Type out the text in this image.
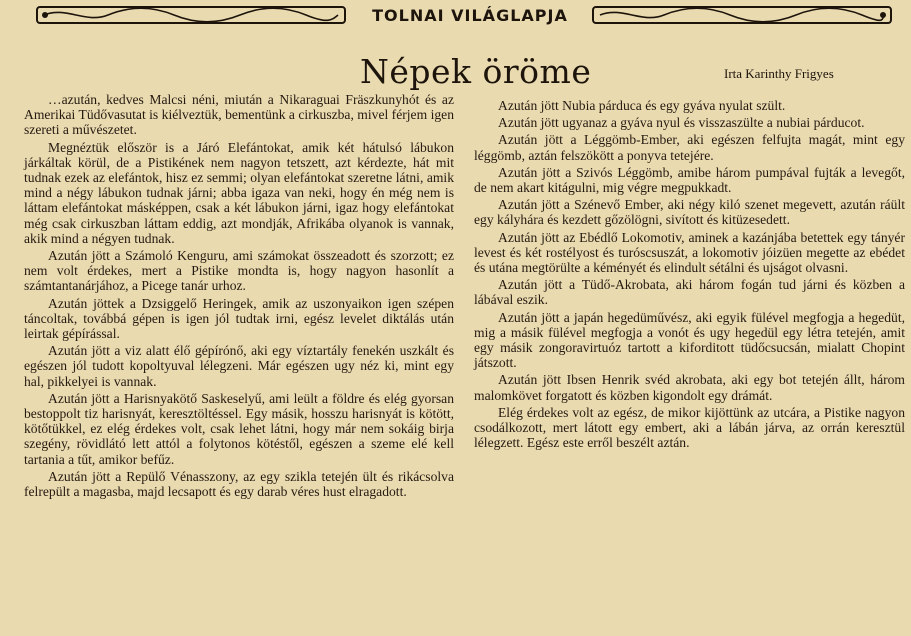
TOLNAI VILÁGLAPJA
Népek öröme	Irta Karinthy Frigyes

…azután, kedves Malcsi néni, miután a Nikaraguai Fräszkunyhót és az Amerikai Tüdővasutat is kiélveztük, bementünk a cirkuszba, mivel férjem igen szereti a művészetet.

Megnéztük először is a Járó Elefántokat, amik két hátulsó lábukon járkáltak körül, de a Pistikének nem nagyon tetszett, azt kérdezte, hát mit tudnak ezek az elefántok, hisz ez semmi; olyan elefántokat szeretne látni, amik mind a négy lábukon tudnak járni; abba igaza van neki, hogy én még nem is láttam elefántokat másképpen, csak a két lábukon járni, igaz hogy elefántokat még csak cirkuszban láttam eddig, azt mondják, Afrikába olyanok is vannak, akik mind a négyen tudnak.

Azután jött a Számoló Kenguru, ami számokat összeadott és szorzott; ez nem volt érdekes, mert a Pistike mondta is, hogy nagyon hasonlít a számtantanárjához, a Picege tanár urhoz.

Azután jöttek a Dzsiggelő Heringek, amik az uszonyaikon igen szépen táncoltak, továbbá gépen is igen jól tudtak irni, egész levelet diktálás után leirtak gépírással.

Azután jött a viz alatt élő gépírónő, aki egy víztartály fenekén uszkált és egészen jól tudott kopoltyuval lélegzeni. Már egészen ugy néz ki, mint egy hal, pikkelyei is vannak.

Azután jött a Harisnyakötő Saskeselyű, ami leült a földre és elég gyorsan bestoppolt tiz harisnyát, keresztöltéssel. Egy másik, hosszu harisnyát is kötött, kötőtükkel, ez elég érdekes volt, csak lehet látni, hogy már nem sokáig birja szegény, rövidlátó lett attól a folytonos kötéstől, egészen a szeme elé kell tartania a tűt, amikor befűz.

Azután jött a Repülő Vénasszony, az egy szikla tetején ült és rikácsolva felrepült a magasba, majd lecsapott és egy darab véres hust elragadott.

Azután jött Nubia párduca és egy gyáva nyulat szült.

Azután jött ugyanaz a gyáva nyul és visszaszülte a nubiai párducot.

Azután jött a Léggömb-Ember, aki egészen felfujta magát, mint egy léggömb, aztán felszökött a ponyva tetejére.

Azután jött a Szivós Léggömb, amibe három pumpával fujták a levegőt, de nem akart kitágulni, mig végre megpukkadt.

Azután jött a Szénevő Ember, aki négy kiló szenet megevett, azután ráült egy kályhára és kezdett gőzölögni, sivított és kitüzesedett.

Azután jött az Ebédlő Lokomotiv, aminek a kazánjába betettek egy tányér levest és két rostélyost és turóscsuszát, a lokomotiv jóizüen megette az ebédet és utána megtörülte a kéményét és elindult sétálni és ujságot olvasni.

Azután jött a Tüdő-Akrobata, aki három fogán tud járni és közben a lábával eszik.

Azután jött a japán hegedüművész, aki egyik fülével megfogja a hegedüt, mig a másik fülével megfogja a vonót és ugy hegedül egy létra tetején, amit egy másik zongoravirtuóz tartott a kiforditott tüdőcsucsán, mialatt Chopint játszott.

Azután jött Ibsen Henrik svéd akrobata, aki egy bot tetején állt, három malomkövet forgatott és közben kigondolt egy drámát.

Elég érdekes volt az egész, de mikor kijöttünk az utcára, a Pistike nagyon csodálkozott, mert látott egy embert, aki a lábán járva, az orrán keresztül lélegzett. Egész este erről beszélt aztán.
